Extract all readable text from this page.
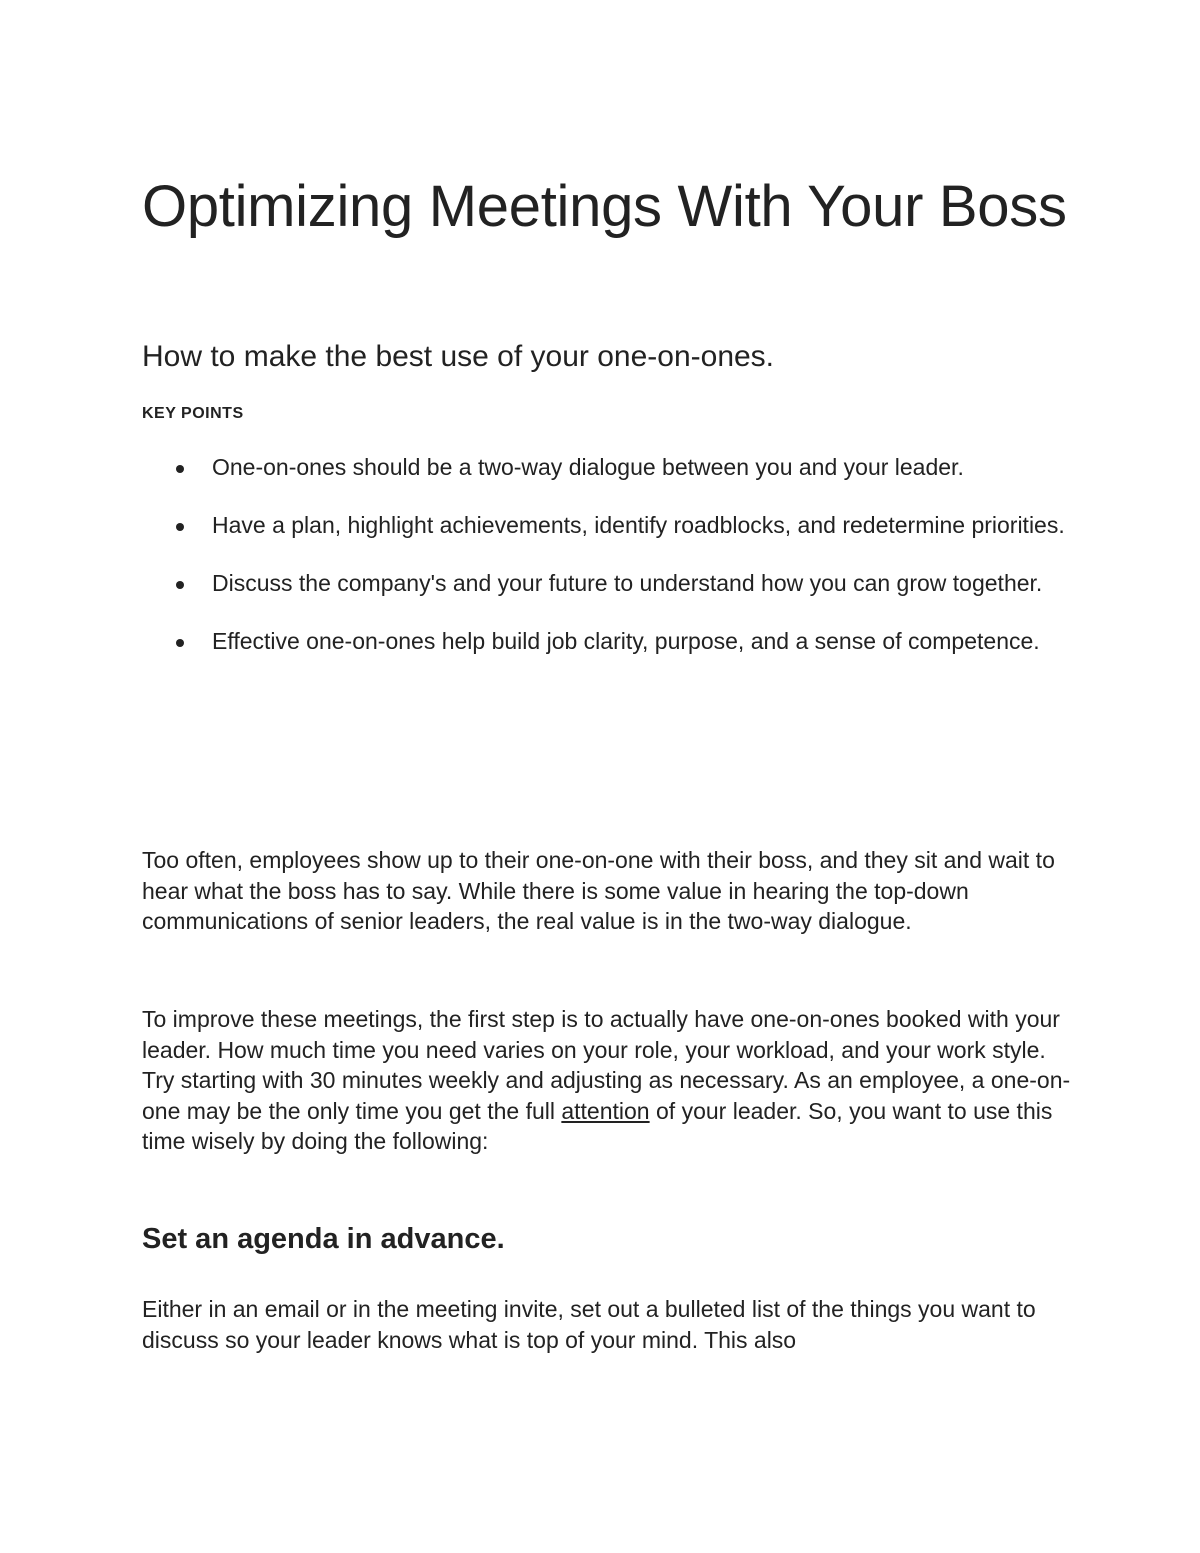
Optimizing Meetings With Your Boss
How to make the best use of your one-on-ones.
KEY POINTS
One-on-ones should be a two-way dialogue between you and your leader.
Have a plan, highlight achievements, identify roadblocks, and redetermine priorities.
Discuss the company's and your future to understand how you can grow together.
Effective one-on-ones help build job clarity, purpose, and a sense of competence.

Too often, employees show up to their one-on-one with their boss, and they sit and wait to hear what the boss has to say. While there is some value in hearing the top-down communications of senior leaders, the real value is in the two-way dialogue.

To improve these meetings, the first step is to actually have one-on-ones booked with your leader. How much time you need varies on your role, your workload, and your work style. Try starting with 30 minutes weekly and adjusting as necessary. As an employee, a one-on-one may be the only time you get the full attention of your leader. So, you want to use this time wisely by doing the following:

Set an agenda in advance.

Either in an email or in the meeting invite, set out a bulleted list of the things you want to discuss so your leader knows what is top of your mind. This also
